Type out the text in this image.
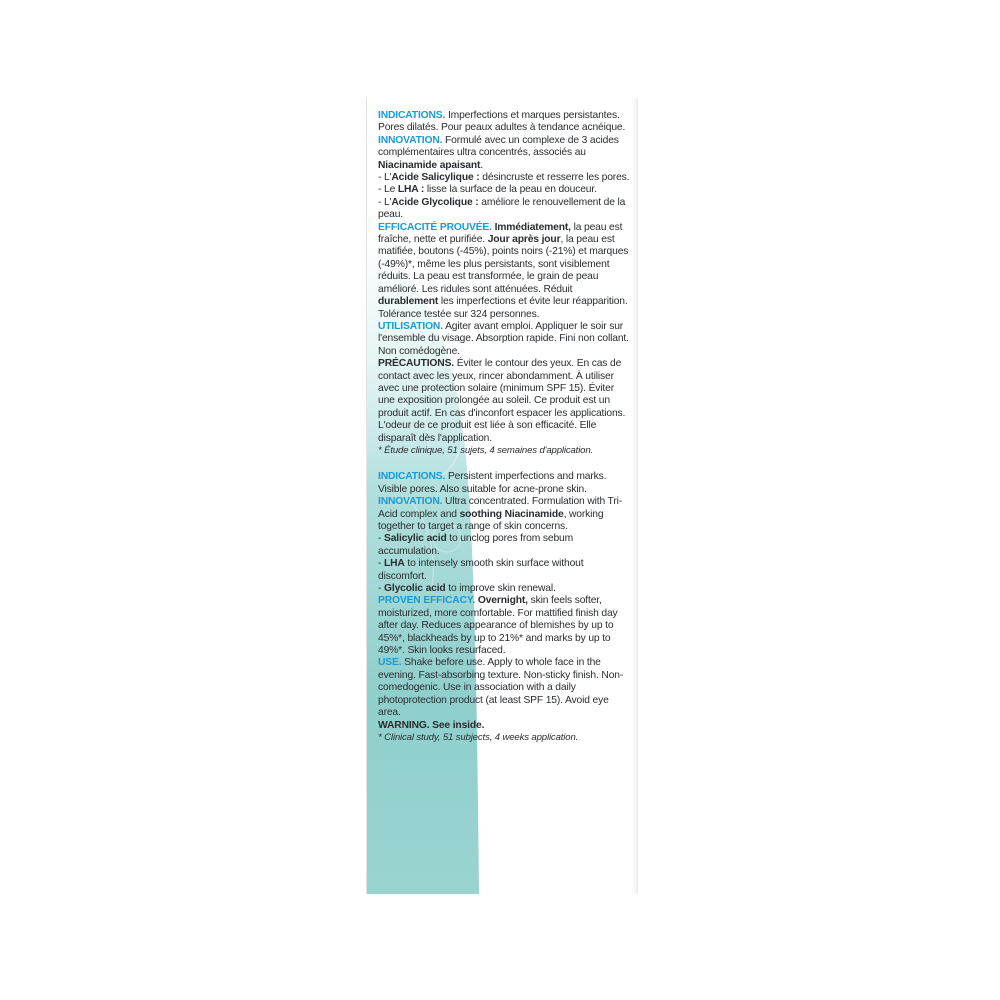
INDICATIONS. Imperfections et marques persistantes. Pores dilatés. Pour peaux adultes à tendance acnéique.

INNOVATION. Formulé avec un complexe de 3 acides complémentaires ultra concentrés, associés au Niacinamide apaisant.

- L'Acide Salicylique : désincruste et resserre les pores.

- Le LHA : lisse la surface de la peau en douceur.

- L'Acide Glycolique : améliore le renouvellement de la peau.

EFFICACITÉ PROUVÉE. Immédiatement, la peau est fraîche, nette et purifiée. Jour après jour, la peau est matifiée, boutons (-45%), points noirs (-21%) et marques (-49%)*, même les plus persistants, sont visiblement réduits. La peau est transformée, le grain de peau amélioré. Les ridules sont atténuées. Réduit durablement les imperfections et évite leur réapparition. Tolérance testée sur 324 personnes.

UTILISATION. Agiter avant emploi. Appliquer le soir sur l'ensemble du visage. Absorption rapide. Fini non collant. Non comédogène.

PRÉCAUTIONS. Éviter le contour des yeux. En cas de contact avec les yeux, rincer abondamment. À utiliser avec une protection solaire (minimum SPF 15). Éviter une exposition prolongée au soleil. Ce produit est un produit actif. En cas d'inconfort espacer les applications. L'odeur de ce produit est liée à son efficacité. Elle disparaît dès l'application.

* Étude clinique, 51 sujets, 4 semaines d'application.

INDICATIONS. Persistent imperfections and marks. Visible pores. Also suitable for acne-prone skin.

INNOVATION. Ultra concentrated. Formulation with Tri-Acid complex and soothing Niacinamide, working together to target a range of skin concerns.

- Salicylic acid to unclog pores from sebum accumulation.

- LHA to intensely smooth skin surface without discomfort.

- Glycolic acid to improve skin renewal.

PROVEN EFFICACY. Overnight, skin feels softer, moisturized, more comfortable. For mattified finish day after day. Reduces appearance of blemishes by up to 45%*, blackheads by up to 21%* and marks by up to 49%*. Skin looks resurfaced.

USE. Shake before use. Apply to whole face in the evening. Fast-absorbing texture. Non-sticky finish. Non-comedogenic. Use in association with a daily photoprotection product (at least SPF 15). Avoid eye area.

WARNING. See inside.

* Clinical study, 51 subjects, 4 weeks application.
